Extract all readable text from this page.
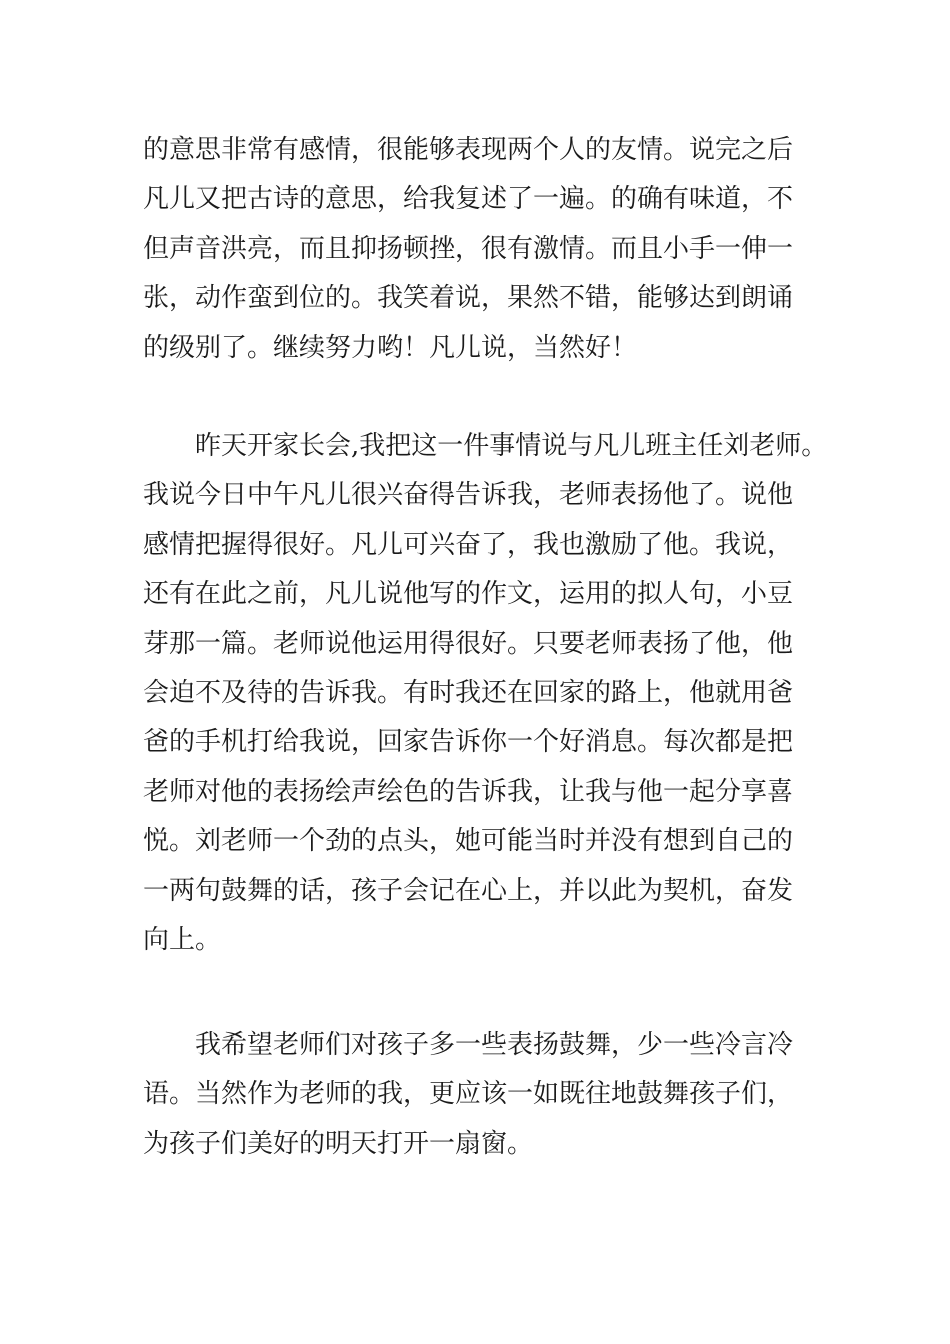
的意思非常有感情，很能够表现两个人的友情。说完之后
凡儿又把古诗的意思，给我复述了一遍。的确有味道，不
但声音洪亮，而且抑扬顿挫，很有激情。而且小手一伸一
张，动作蛮到位的。我笑着说，果然不错，能够达到朗诵
的级别了。继续努力哟！凡儿说，当然好！
昨天开家长会,我把这一件事情说与凡儿班主任刘老师。
我说今日中午凡儿很兴奋得告诉我，老师表扬他了。说他
感情把握得很好。凡儿可兴奋了，我也激励了他。我说，
还有在此之前，凡儿说他写的作文，运用的拟人句，小豆
芽那一篇。老师说他运用得很好。只要老师表扬了他，他
会迫不及待的告诉我。有时我还在回家的路上，他就用爸
爸的手机打给我说，回家告诉你一个好消息。每次都是把
老师对他的表扬绘声绘色的告诉我，让我与他一起分享喜
悦。刘老师一个劲的点头，她可能当时并没有想到自己的
一两句鼓舞的话，孩子会记在心上，并以此为契机，奋发
向上。
我希望老师们对孩子多一些表扬鼓舞，少一些冷言冷
语。当然作为老师的我，更应该一如既往地鼓舞孩子们，
为孩子们美好的明天打开一扇窗。
